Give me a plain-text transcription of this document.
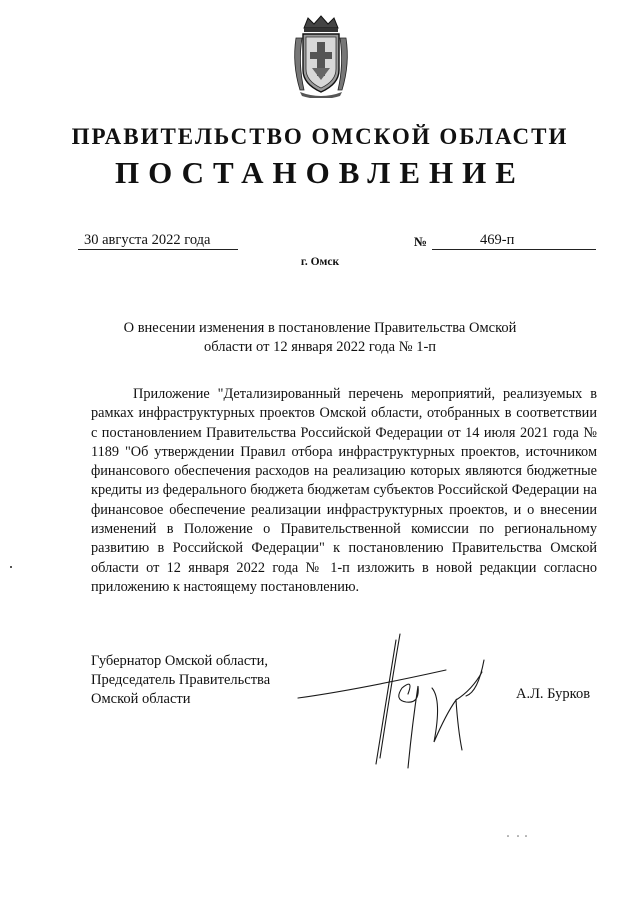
ПРАВИТЕЛЬСТВО ОМСКОЙ ОБЛАСТИ
ПОСТАНОВЛЕНИЕ
30 августа 2022 года	№	469-п
г. Омск
О внесении изменения в постановление Правительства Омской области от 12 января 2022 года № 1-п

Приложение "Детализированный перечень мероприятий, реализуемых в рамках инфраструктурных проектов Омской области, отобранных в соответствии с постановлением Правительства Российской Федерации от 14 июля 2021 года № 1189 "Об утверждении Правил отбора инфраструктурных проектов, источником финансового обеспечения расходов на реализацию которых являются бюджетные кредиты из федерального бюджета бюджетам субъектов Российской Федерации на финансовое обеспечение реализации инфраструктурных проектов, и о внесении изменений в Положение о Правительственной комиссии по региональному развитию в Российской Федерации" к постановлению Правительства Омской области от 12 января 2022 года № 1-п изложить в новой редакции согласно приложению к настоящему постановлению.

Губернатор Омской области,
Председатель Правительства
Омской области	А.Л. Бурков
